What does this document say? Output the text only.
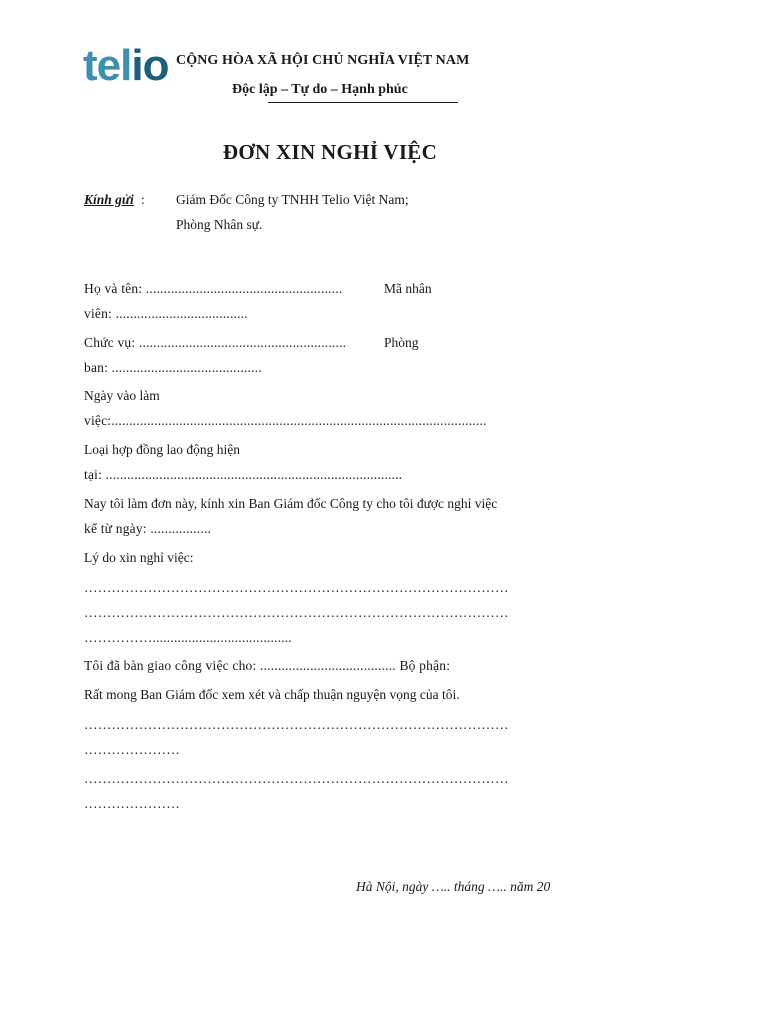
telio CỘNG HÒA XÃ HỘI CHỦ NGHĨA VIỆT NAM
Độc lập – Tự do – Hạnh phúc
ĐƠN XIN NGHỈ VIỆC
Kính gửi : Giám Đốc Công ty TNHH Telio Việt Nam;
Phòng Nhân sự.
Họ và tên: .......................................................	Mã nhân
viên: .....................................
Chức vụ: ..........................................................	Phòng
ban: ..........................................
Ngày vào làm
việc:.........................................................................................................
Loại hợp đồng lao động hiện
tại: ...................................................................................
Nay tôi làm đơn này, kính xin Ban Giám đốc Công ty cho tôi được nghỉ việc
kể từ ngày: .................
Lý do xin nghỉ việc:
…………………………………………………………………………………
…………………………………………………………………………………
…………….......................................
Tôi đã bàn giao công việc cho: ...................................... Bộ phận:
Rất mong Ban Giám đốc xem xét và chấp thuận nguyện vọng của tôi.
…………………………………………………………………………………
…………………
…………………………………………………………………………………
…………………
Hà Nội, ngày ….. tháng ….. năm 20
